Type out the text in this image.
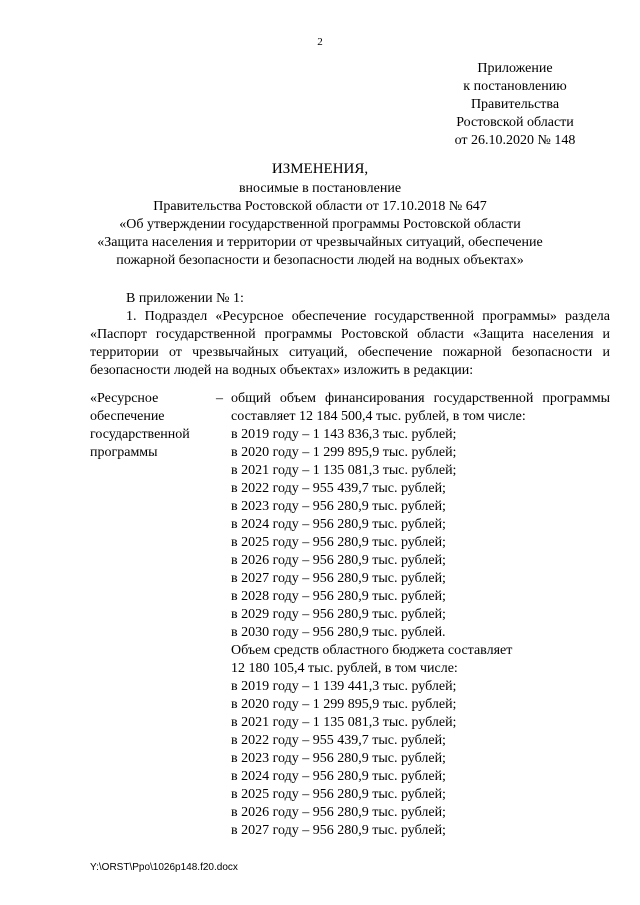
2
Приложение
к постановлению
Правительства
Ростовской области
от 26.10.2020 № 148
ИЗМЕНЕНИЯ,
вносимые в постановление
Правительства Ростовской области от 17.10.2018 № 647
«Об утверждении государственной программы Ростовской области
«Защита населения и территории от чрезвычайных ситуаций, обеспечение
пожарной безопасности и безопасности людей на водных объектах»

В приложении № 1:

1. Подраздел «Ресурсное обеспечение государственной программы» раздела «Паспорт государственной программы Ростовской области «Защита населения и территории от чрезвычайных ситуаций, обеспечение пожарной безопасности и безопасности людей на водных объектах» изложить в редакции:

«Ресурсное обеспечение государственной программы
– общий объем финансирования государственной программы составляет 12 184 500,4 тыс. рублей, в том числе:
в 2019 году – 1 143 836,3 тыс. рублей;
в 2020 году – 1 299 895,9 тыс. рублей;
в 2021 году – 1 135 081,3 тыс. рублей;
в 2022 году – 955 439,7 тыс. рублей;
в 2023 году – 956 280,9 тыс. рублей;
в 2024 году – 956 280,9 тыс. рублей;
в 2025 году – 956 280,9 тыс. рублей;
в 2026 году – 956 280,9 тыс. рублей;
в 2027 году – 956 280,9 тыс. рублей;
в 2028 году – 956 280,9 тыс. рублей;
в 2029 году – 956 280,9 тыс. рублей;
в 2030 году – 956 280,9 тыс. рублей.
Объем средств областного бюджета составляет
12 180 105,4 тыс. рублей, в том числе:
в 2019 году – 1 139 441,3 тыс. рублей;
в 2020 году – 1 299 895,9 тыс. рублей;
в 2021 году – 1 135 081,3 тыс. рублей;
в 2022 году – 955 439,7 тыс. рублей;
в 2023 году – 956 280,9 тыс. рублей;
в 2024 году – 956 280,9 тыс. рублей;
в 2025 году – 956 280,9 тыс. рублей;
в 2026 году – 956 280,9 тыс. рублей;
в 2027 году – 956 280,9 тыс. рублей;
Y:\ORST\Ppo\1026p148.f20.docx
